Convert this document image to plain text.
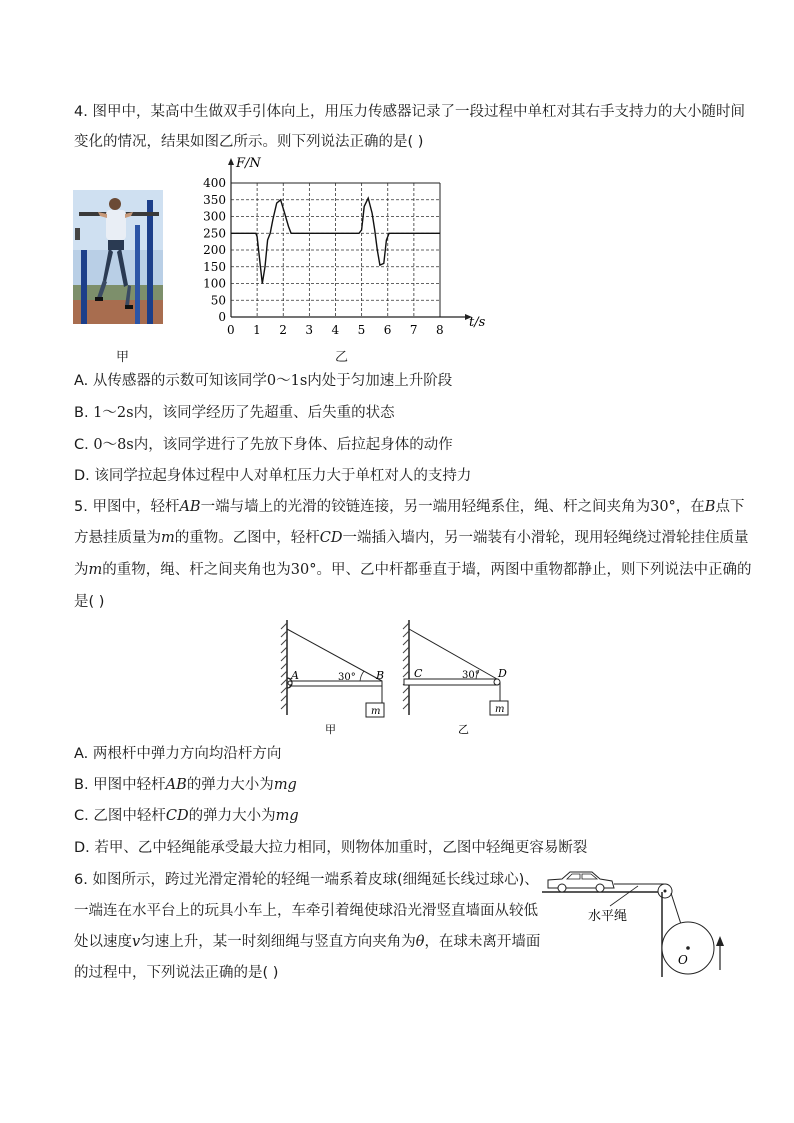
4. 图甲中，某高中生做双手引体向上，用压力传感器记录了一段过程中单杠对其右手支持力的大小随时间
变化的情况，结果如图乙所示。则下列说法正确的是( )
甲
0 1 2 3 4 5 6 7 8
0
50
100
150
200
250
300
350
400
F/N
t/s
乙
A. 从传感器的示数可知该同学0～1s内处于匀加速上升阶段
B. 1～2s内，该同学经历了先超重、后失重的状态
C. 0～8s内，该同学进行了先放下身体、后拉起身体的动作
D. 该同学拉起身体过程中人对单杠压力大于单杠对人的支持力
5. 甲图中，轻杆AB一端与墙上的光滑的铰链连接，另一端用轻绳系住，绳、杆之间夹角为30°，在B点下
方悬挂质量为m的重物。乙图中，轻杆CD一端插入墙内，另一端装有小滑轮，现用轻绳绕过滑轮挂住质量
为m的重物，绳、杆之间夹角也为30°。甲、乙中杆都垂直于墙，两图中重物都静止，则下列说法中正确的
是( )
m
A	B
30°
甲
m
C	D
30°
乙
A. 两根杆中弹力方向均沿杆方向
B. 甲图中轻杆AB的弹力大小为mg
C. 乙图中轻杆CD的弹力大小为mg
D. 若甲、乙中轻绳能承受最大拉力相同，则物体加重时，乙图中轻绳更容易断裂
6. 如图所示，跨过光滑定滑轮的轻绳一端系着皮球(细绳延长线过球心)、
一端连在水平台上的玩具小车上，车牵引着绳使球沿光滑竖直墙面从较低
处以速度v匀速上升，某一时刻细绳与竖直方向夹角为θ，在球未离开墙面
的过程中，下列说法正确的是( )
O
水平绳
